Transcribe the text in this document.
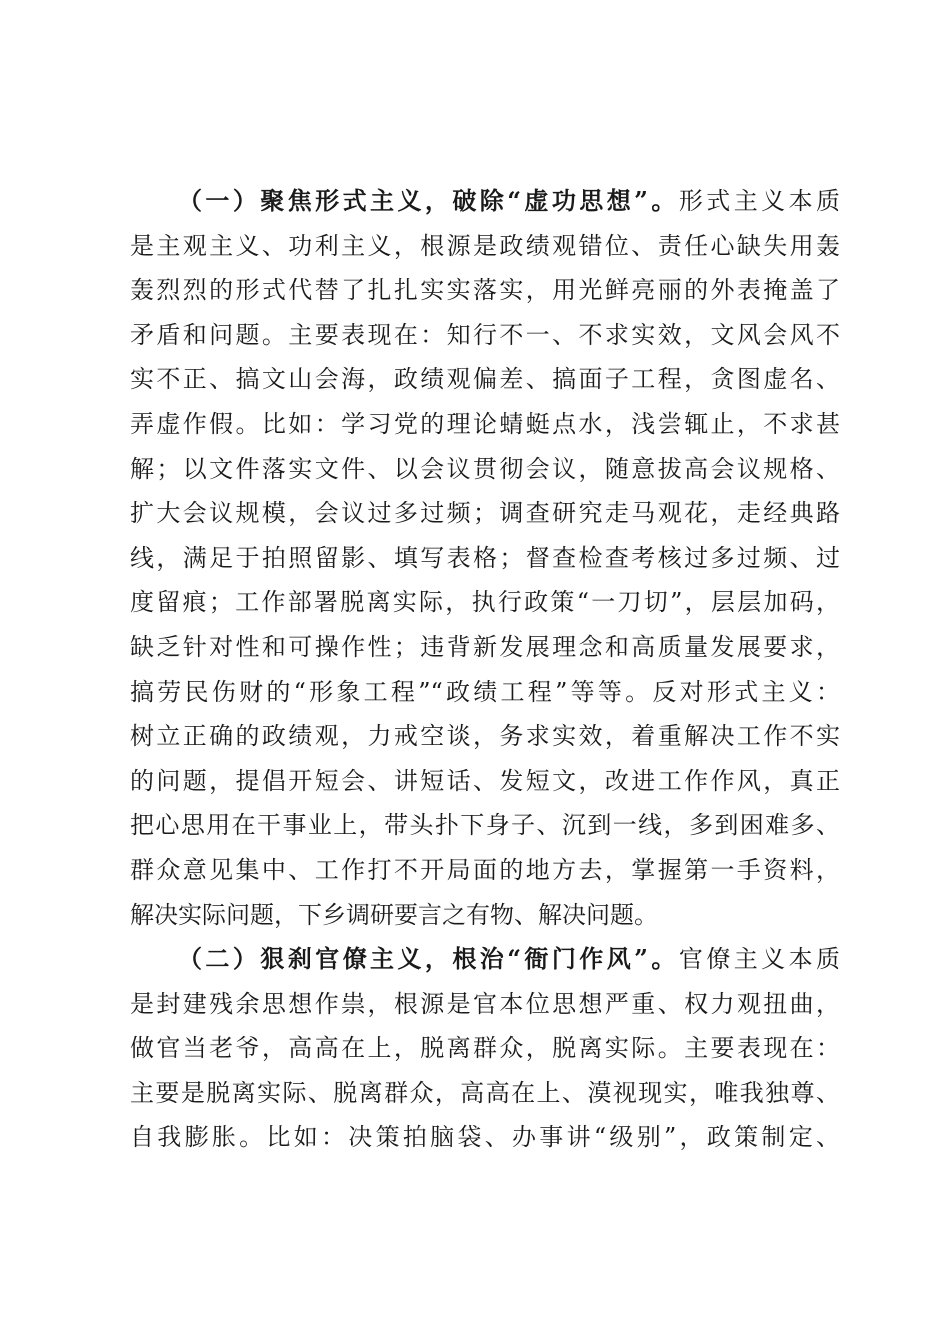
（一）聚焦形式主义，破除“虚功思想”。形式主义本质
是主观主义、功利主义，根源是政绩观错位、责任心缺失用轰
轰烈烈的形式代替了扎扎实实落实，用光鲜亮丽的外表掩盖了
矛盾和问题。主要表现在：知行不一、不求实效，文风会风不
实不正、搞文山会海，政绩观偏差、搞面子工程，贪图虚名、
弄虚作假。比如：学习党的理论蜻蜓点水，浅尝辄止，不求甚
解；以文件落实文件、以会议贯彻会议，随意拔高会议规格、
扩大会议规模，会议过多过频；调查研究走马观花，走经典路
线，满足于拍照留影、填写表格；督查检查考核过多过频、过
度留痕；工作部署脱离实际，执行政策“一刀切”，层层加码，
缺乏针对性和可操作性；违背新发展理念和高质量发展要求，
搞劳民伤财的“形象工程”“政绩工程”等等。反对形式主义：
树立正确的政绩观，力戒空谈，务求实效，着重解决工作不实
的问题，提倡开短会、讲短话、发短文，改进工作作风，真正
把心思用在干事业上，带头扑下身子、沉到一线，多到困难多、
群众意见集中、工作打不开局面的地方去，掌握第一手资料，
解决实际问题，下乡调研要言之有物、解决问题。
（二）狠刹官僚主义，根治“衙门作风”。官僚主义本质
是封建残余思想作祟，根源是官本位思想严重、权力观扭曲，
做官当老爷，高高在上，脱离群众，脱离实际。主要表现在：
主要是脱离实际、脱离群众，高高在上、漠视现实，唯我独尊、
自我膨胀。比如：决策拍脑袋、办事讲“级别”，政策制定、
